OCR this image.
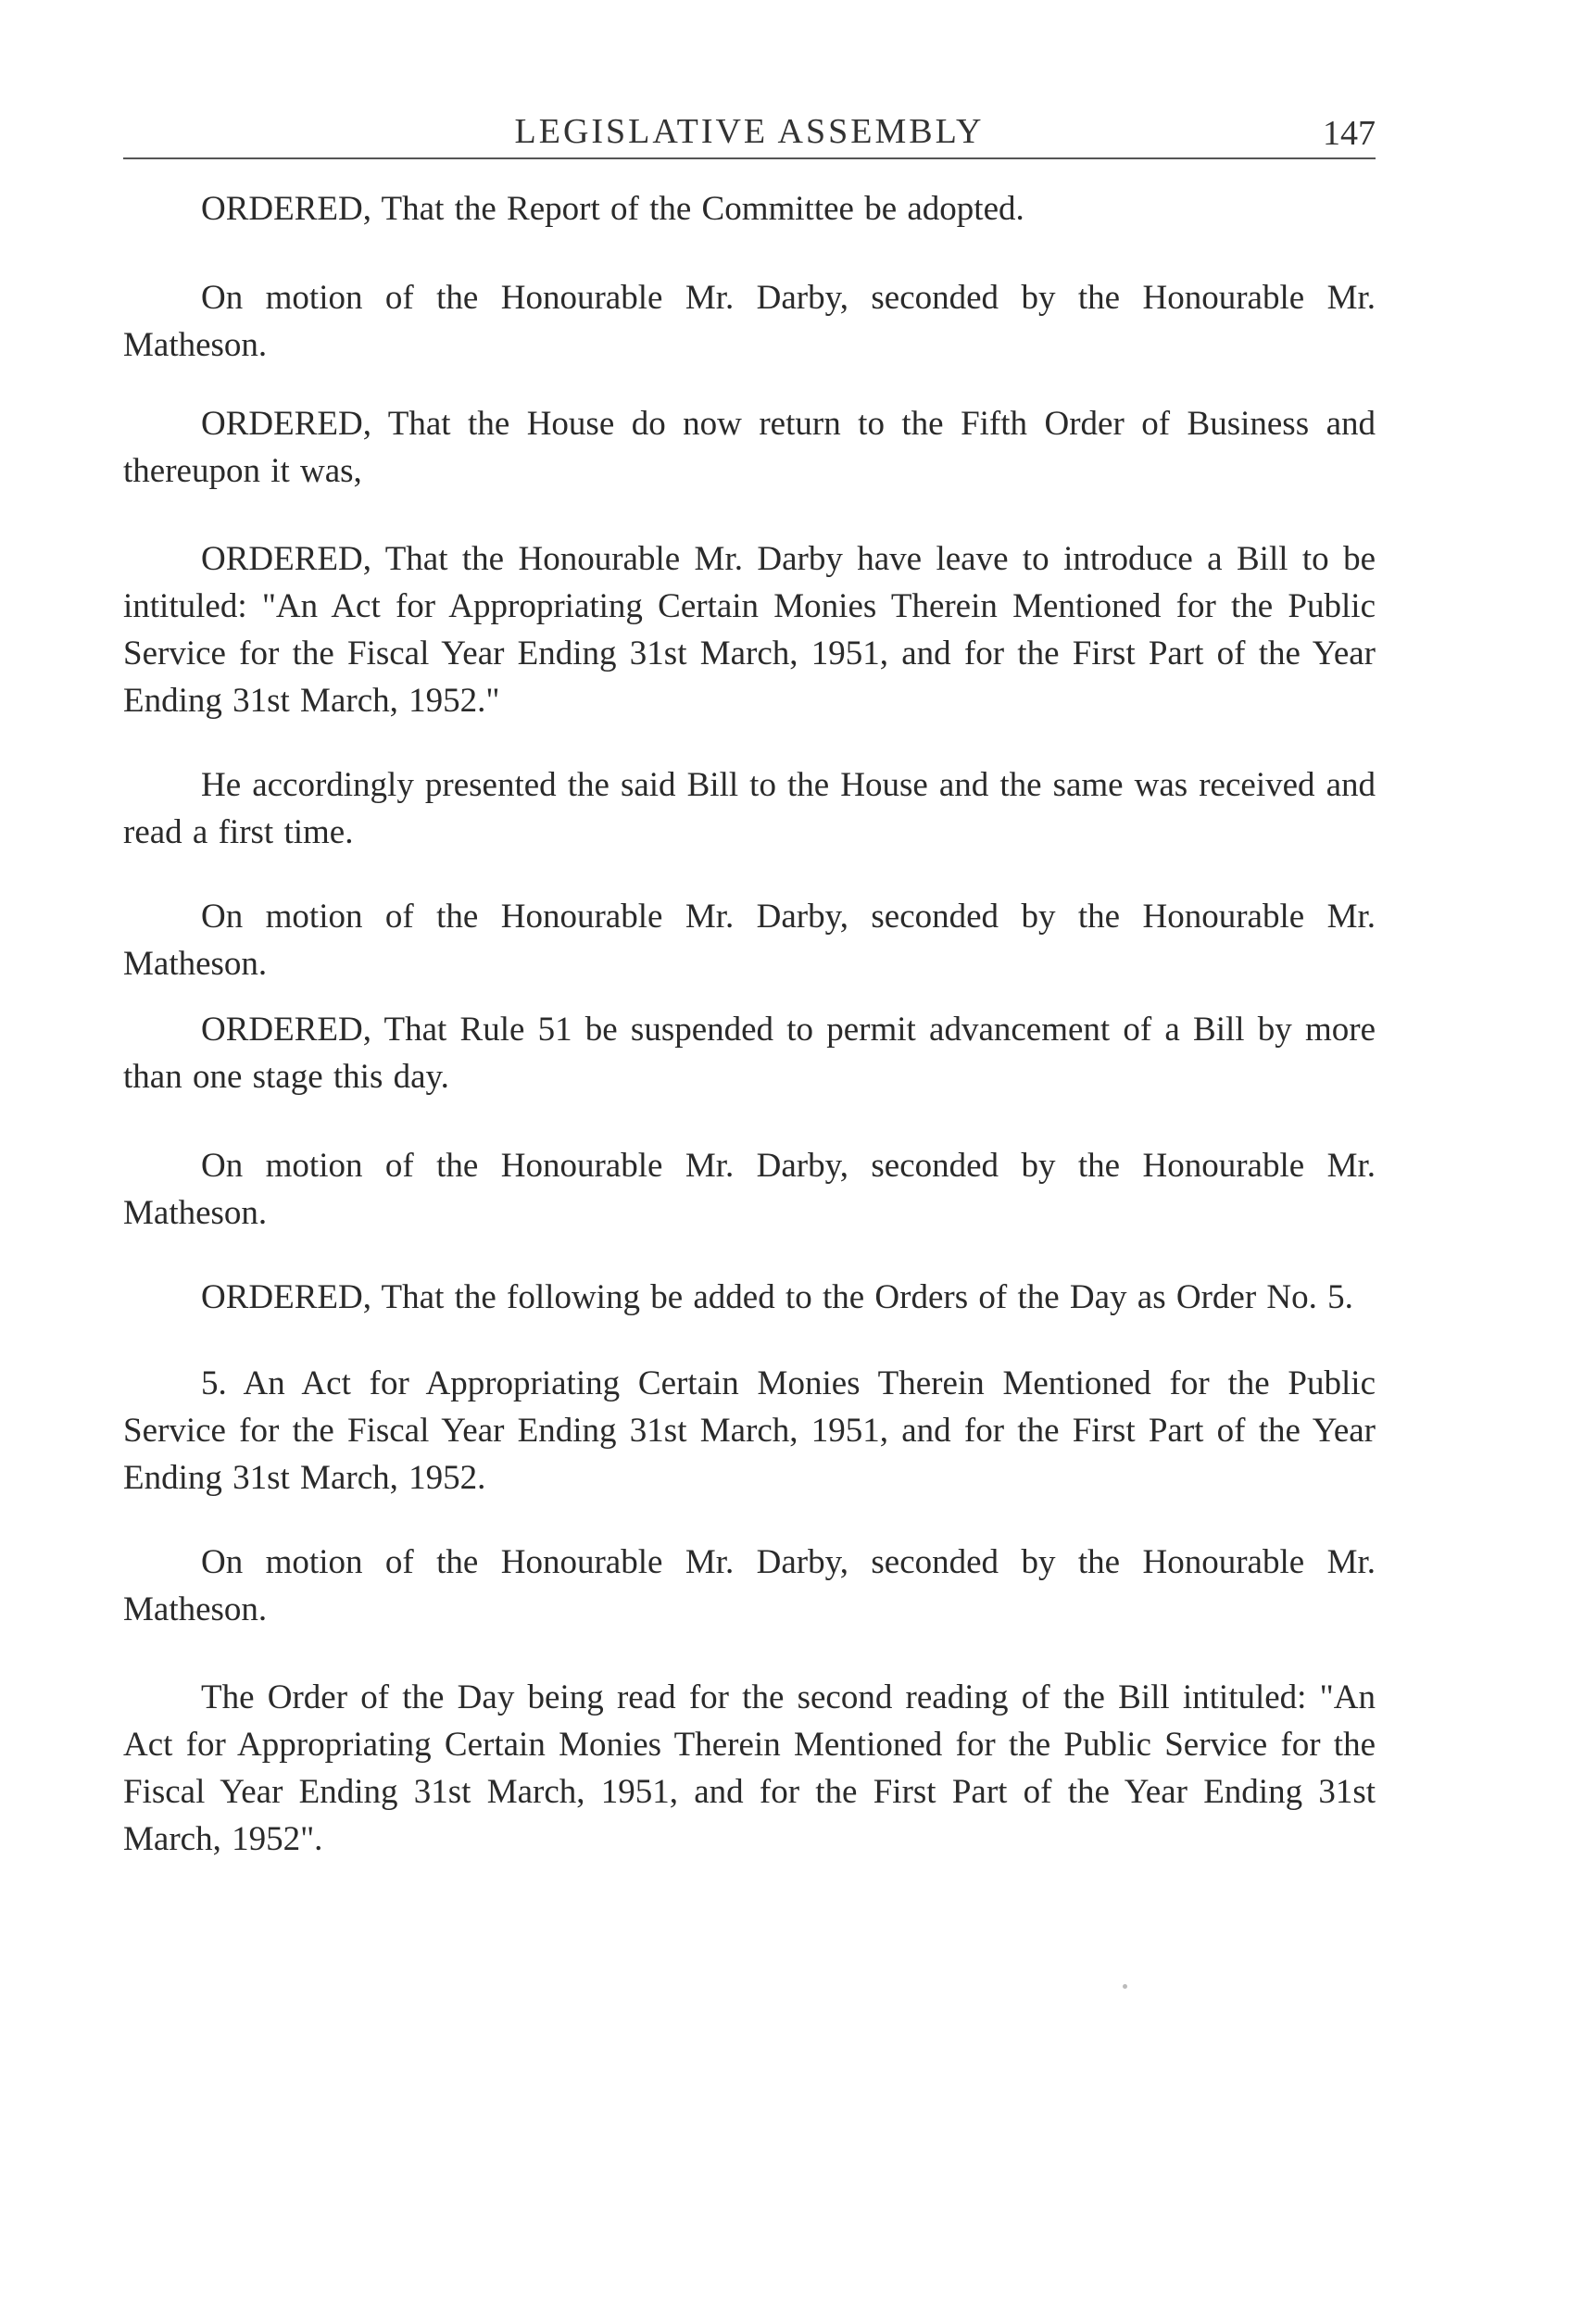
LEGISLATIVE ASSEMBLY	147

ORDERED, That the Report of the Committee be adopted.

On motion of the Honourable Mr. Darby, seconded by the Honourable Mr. Matheson.

ORDERED, That the House do now return to the Fifth Order of Business and thereupon it was,

ORDERED, That the Honourable Mr. Darby have leave to introduce a Bill to be intituled: "An Act for Appropriating Certain Monies Therein Mentioned for the Public Service for the Fiscal Year Ending 31st March, 1951, and for the First Part of the Year Ending 31st March, 1952."

He accordingly presented the said Bill to the House and the same was received and read a first time.

On motion of the Honourable Mr. Darby, seconded by the Honourable Mr. Matheson.

ORDERED, That Rule 51 be suspended to permit advancement of a Bill by more than one stage this day.

On motion of the Honourable Mr. Darby, seconded by the Honourable Mr. Matheson.

ORDERED, That the following be added to the Orders of the Day as Order No. 5.

5. An Act for Appropriating Certain Monies Therein Mentioned for the Public Service for the Fiscal Year Ending 31st March, 1951, and for the First Part of the Year Ending 31st March, 1952.

On motion of the Honourable Mr. Darby, seconded by the Honourable Mr. Matheson.

The Order of the Day being read for the second reading of the Bill intituled: "An Act for Appropriating Certain Monies Therein Mentioned for the Public Service for the Fiscal Year Ending 31st March, 1951, and for the First Part of the Year Ending 31st March, 1952".
